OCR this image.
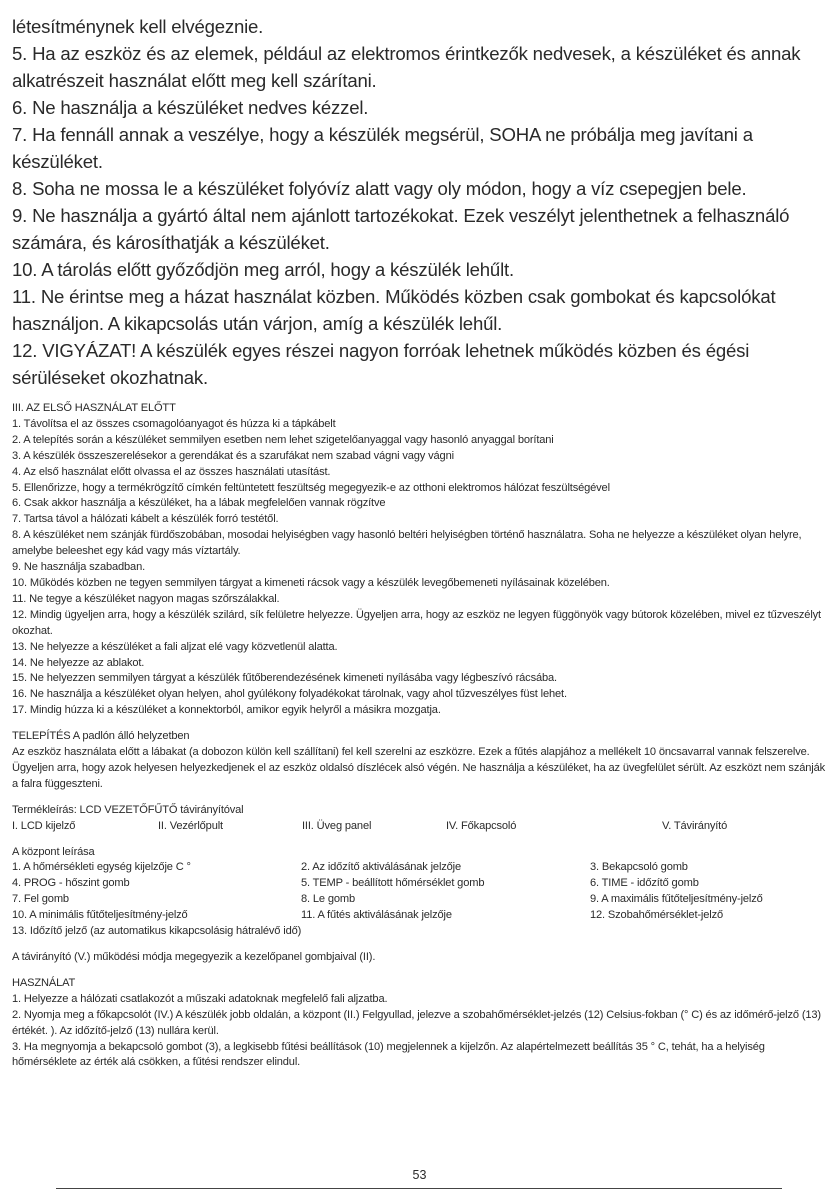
létesítménynek kell elvégeznie.

5. Ha az eszköz és az elemek, például az elektromos érintkezők nedvesek, a készüléket és annak alkatrészeit használat előtt meg kell szárítani.

6. Ne használja a készüléket nedves kézzel.

7. Ha fennáll annak a veszélye, hogy a készülék megsérül, SOHA ne próbálja meg javítani a készüléket.

8. Soha ne mossa le a készüléket folyóvíz alatt vagy oly módon, hogy a víz csepegjen bele.

9. Ne használja a gyártó által nem ajánlott tartozékokat. Ezek veszélyt jelenthetnek a felhasználó számára, és károsíthatják a készüléket.

10. A tárolás előtt győződjön meg arról, hogy a készülék lehűlt.

11. Ne érintse meg a házat használat közben. Működés közben csak gombokat és kapcsolókat használjon. A kikapcsolás után várjon, amíg a készülék lehűl.

12. VIGYÁZAT! A készülék egyes részei nagyon forróak lehetnek működés közben és égési sérüléseket okozhatnak.

III. AZ ELSŐ HASZNÁLAT ELŐTT

1. Távolítsa el az összes csomagolóanyagot és húzza ki a tápkábelt

2. A telepítés során a készüléket semmilyen esetben nem lehet szigetelőanyaggal vagy hasonló anyaggal borítani

3. A készülék összeszerelésekor a gerendákat és a szarufákat nem szabad vágni vagy vágni

4. Az első használat előtt olvassa el az összes használati utasítást.

5. Ellenőrizze, hogy a termékrögzítő címkén feltüntetett feszültség megegyezik-e az otthoni elektromos hálózat feszültségével

6. Csak akkor használja a készüléket, ha a lábak megfelelően vannak rögzítve

7. Tartsa távol a hálózati kábelt a készülék forró testétől.

8. A készüléket nem szánják fürdőszobában, mosodai helyiségben vagy hasonló beltéri helyiségben történő használatra. Soha ne helyezze a készüléket olyan helyre, amelybe beleeshet egy kád vagy más víztartály.

9. Ne használja szabadban.

10. Működés közben ne tegyen semmilyen tárgyat a kimeneti rácsok vagy a készülék levegőbemeneti nyílásainak közelében.

11. Ne tegye a készüléket nagyon magas szőrszálakkal.

12. Mindig ügyeljen arra, hogy a készülék szilárd, sík felületre helyezze. Ügyeljen arra, hogy az eszköz ne legyen függönyök vagy bútorok közelében, mivel ez tűzveszélyt okozhat.

13. Ne helyezze a készüléket a fali aljzat elé vagy közvetlenül alatta.

14. Ne helyezze az ablakot.

15. Ne helyezzen semmilyen tárgyat a készülék fűtőberendezésének kimeneti nyílásába vagy légbeszívó rácsába.

16. Ne használja a készüléket olyan helyen, ahol gyúlékony folyadékokat tárolnak, vagy ahol tűzveszélyes füst lehet.

17. Mindig húzza ki a készüléket a konnektorból, amikor egyik helyről a másikra mozgatja.

TELEPÍTÉS A padlón álló helyzetben

Az eszköz használata előtt a lábakat (a dobozon külön kell szállítani) fel kell szerelni az eszközre. Ezek a fűtés alapjához a mellékelt 10 öncsavarral vannak felszerelve. Ügyeljen arra, hogy azok helyesen helyezkedjenek el az eszköz oldalsó díszlécek alsó végén. Ne használja a készüléket, ha az üvegfelület sérült. Az eszközt nem szánják a falra függeszteni.

Termékleírás: LCD VEZETŐFŰTŐ távirányítóval

I. LCD kijelző	II. Vezérlőpult	III. Üveg panel	IV. Főkapcsoló	V. Távirányító

A központ leírása

1. A hőmérsékleti egység kijelzője C °	2. Az időzítő aktiválásának jelzője	3. Bekapcsoló gomb
4. PROG - hőszint gomb	5. TEMP - beállított hőmérséklet gomb	6. TIME - időzítő gomb
7. Fel gomb	8. Le gomb	9. A maximális fűtőteljesítmény-jelző
10. A minimális fűtőteljesítmény-jelző	11. A fűtés aktiválásának jelzője	12. Szobahőmérséklet-jelző

13. Időzítő jelző (az automatikus kikapcsolásig hátralévő idő)

A távirányító (V.) működési módja megegyezik a kezelőpanel gombjaival (II).

HASZNÁLAT

1. Helyezze a hálózati csatlakozót a műszaki adatoknak megfelelő fali aljzatba.

2. Nyomja meg a főkapcsolót (IV.) A készülék jobb oldalán, a központ (II.) Felgyullad, jelezve a szobahőmérséklet-jelzés (12) Celsius-fokban (° C) és az időmérő-jelző (13) értékét. ). Az időzítő-jelző (13) nullára kerül.

3. Ha megnyomja a bekapcsoló gombot (3), a legkisebb fűtési beállítások (10) megjelennek a kijelzőn. Az alapértelmezett beállítás 35 ° C, tehát, ha a helyiség hőmérséklete az érték alá csökken, a fűtési rendszer elindul.

53
